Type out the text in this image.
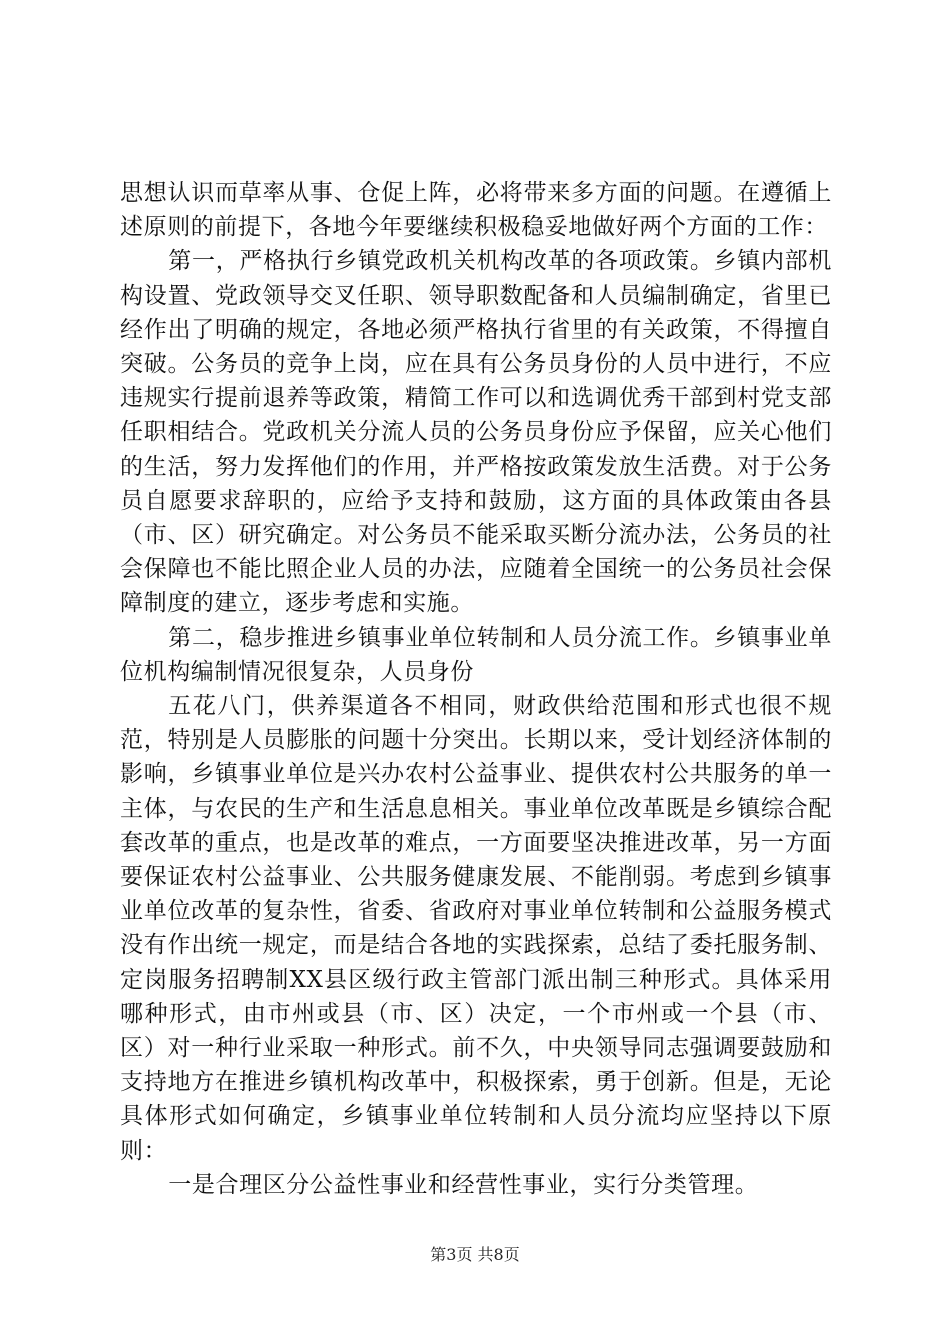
思想认识而草率从事、仓促上阵，必将带来多方面的问题。在遵循上述原则的前提下，各地今年要继续积极稳妥地做好两个方面的工作：

第一，严格执行乡镇党政机关机构改革的各项政策。乡镇内部机构设置、党政领导交叉任职、领导职数配备和人员编制确定，省里已经作出了明确的规定，各地必须严格执行省里的有关政策，不得擅自突破。公务员的竞争上岗，应在具有公务员身份的人员中进行，不应违规实行提前退养等政策，精简工作可以和选调优秀干部到村党支部任职相结合。党政机关分流人员的公务员身份应予保留，应关心他们的生活，努力发挥他们的作用，并严格按政策发放生活费。对于公务员自愿要求辞职的，应给予支持和鼓励，这方面的具体政策由各县（市、区）研究确定。对公务员不能采取买断分流办法，公务员的社会保障也不能比照企业人员的办法，应随着全国统一的公务员社会保障制度的建立，逐步考虑和实施。

第二，稳步推进乡镇事业单位转制和人员分流工作。乡镇事业单位机构编制情况很复杂，人员身份

五花八门，供养渠道各不相同，财政供给范围和形式也很不规范，特别是人员膨胀的问题十分突出。长期以来，受计划经济体制的影响，乡镇事业单位是兴办农村公益事业、提供农村公共服务的单一主体，与农民的生产和生活息息相关。事业单位改革既是乡镇综合配套改革的重点，也是改革的难点，一方面要坚决推进改革，另一方面要保证农村公益事业、公共服务健康发展、不能削弱。考虑到乡镇事业单位改革的复杂性，省委、省政府对事业单位转制和公益服务模式没有作出统一规定，而是结合各地的实践探索，总结了委托服务制、定岗服务招聘制XX县区级行政主管部门派出制三种形式。具体采用哪种形式，由市州或县（市、区）决定，一个市州或一个县（市、区）对一种行业采取一种形式。前不久，中央领导同志强调要鼓励和支持地方在推进乡镇机构改革中，积极探索，勇于创新。但是，无论具体形式如何确定，乡镇事业单位转制和人员分流均应坚持以下原则：

一是合理区分公益性事业和经营性事业，实行分类管理。

第3页 共8页
